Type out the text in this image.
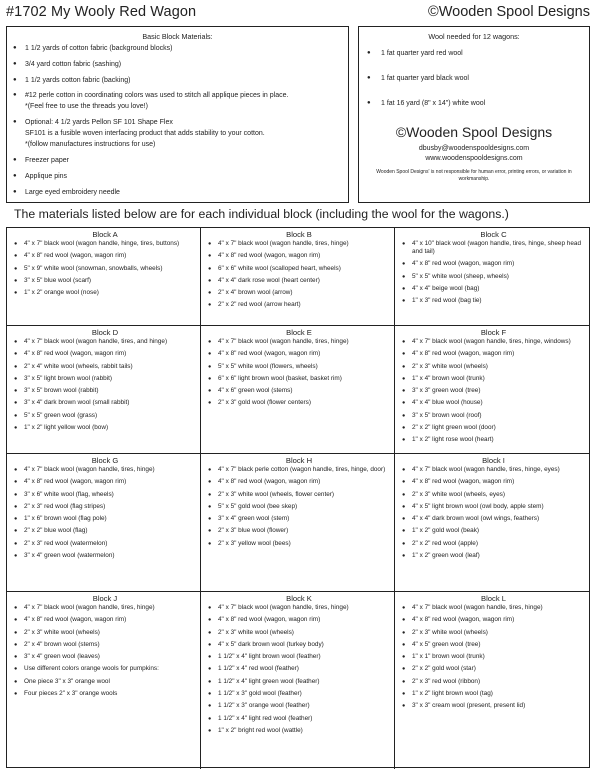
#1702 My Wooly Red Wagon	©Wooden Spool Designs
Basic Block Materials:
● 1 1/2 yards of cotton fabric (background blocks)
● 3/4 yard cotton fabric (sashing)
● 1 1/2 yards cotton fabric (backing)
● #12 perle cotton in coordinating colors was used to stitch all applique pieces in place.
*(Feel free to use the threads you love!)
● Optional: 4 1/2 yards Pellon SF 101 Shape Flex
SF101 is a fusible woven interfacing product that adds stability to your cotton.
*(follow manufactures instructions for use)
● Freezer paper
● Applique pins
● Large eyed embroidery needle
Wool needed for 12 wagons:
● 1 fat quarter yard red wool
● 1 fat quarter yard black wool
● 1 fat 16 yard (8" x 14") white wool
©Wooden Spool Designs
dbusby@woodenspooldesigns.com
www.woodenspooldesigns.com
Wooden Spool Designs' is not responsible for human error, printing errors, or variation in workmanship.
The materials listed below are for each individual block (including the wool for the wagons.)
Block A
● 4" x 7" black wool (wagon handle, hinge, tires, buttons)
● 4" x 8" red wool (wagon, wagon rim)
● 5" x 9" white wool (snowman, snowballs, wheels)
● 3" x 5" blue wool (scarf)
● 1" x 2" orange wool (nose)
Block B
● 4" x 7" black wool (wagon handle, tires, hinge)
● 4" x 8" red wool (wagon, wagon rim)
● 6" x 6" white wool (scalloped heart, wheels)
● 4" x 4" dark rose wool (heart center)
● 2" x 4" brown wool (arrow)
● 2" x 2" red wool (arrow heart)
Block C
● 4" x 10" black wool (wagon handle, tires, hinge, sheep head and tail)
● 4" x 8" red wool (wagon, wagon rim)
● 5" x 5" white wool (sheep, wheels)
● 4" x 4" beige wool (bag)
● 1" x 3" red wool (bag tie)
Block D
● 4" x 7" black wool (wagon handle, tires, and hinge)
● 4" x 8" red wool (wagon, wagon rim)
● 2" x 4" white wool (wheels, rabbit tails)
● 3" x 5" light brown wool (rabbit)
● 3" x 5" brown wool (rabbit)
● 3" x 4" dark brown wool (small rabbit)
● 5" x 5" green wool (grass)
● 1" x 2" light yellow wool (bow)
Block E
● 4" x 7" black wool (wagon handle, tires, hinge)
● 4" x 8" red wool (wagon, wagon rim)
● 5" x 5" white wool (flowers, wheels)
● 6" x 6" light brown wool (basket, basket rim)
● 4" x 6" green wool (stems)
● 2" x 3" gold wool (flower centers)
Block F
● 4" x 7" black wool (wagon handle, tires, hinge, windows)
● 4" x 8" red wool (wagon, wagon rim)
● 2" x 3" white wool (wheels)
● 1" x 4" brown wool (trunk)
● 3" x 3" green wool (tree)
● 4" x 4" blue wool (house)
● 3" x 5" brown wool (roof)
● 2" x 2" light green wool (door)
● 1" x 2" light rose wool (heart)
Block G
● 4" x 7" black wool (wagon handle, tires, hinge)
● 4" x 8" red wool (wagon, wagon rim)
● 3" x 6" white wool (flag, wheels)
● 2" x 3" red wool (flag stripes)
● 1" x 6" brown wool (flag pole)
● 2" x 2" blue wool (flag)
● 2" x 3" red wool (watermelon)
● 3" x 4" green wool (watermelon)
Block H
● 4" x 7" black perle cotton (wagon handle, tires, hinge, door)
● 4" x 8" red wool (wagon, wagon rim)
● 2" x 3" white wool (wheels, flower center)
● 5" x 5" gold wool (bee skep)
● 3" x 4" green wool (stem)
● 2" x 3" blue wool (flower)
● 2" x 3" yellow wool (bees)
Block I
● 4" x 7" black wool (wagon handle, tires, hinge, eyes)
● 4" x 8" red wool (wagon, wagon rim)
● 2" x 3" white wool (wheels, eyes)
● 4" x 5" light brown wool (owl body, apple stem)
● 4" x 4" dark brown wool (owl wings, feathers)
● 1" x 2" gold wool (beak)
● 2" x 2" red wool (apple)
● 1" x 2" green wool (leaf)
Block J
● 4" x 7" black wool (wagon handle, tires, hinge)
● 4" x 8" red wool (wagon, wagon rim)
● 2" x 3" white wool (wheels)
● 2" x 4" brown wool (stems)
● 3" x 4" green wool (leaves)
● Use different colors orange wools for pumpkins:
● One piece 3" x 3" orange wool
● Four pieces 2" x 3" orange wools
Block K
● 4" x 7" black wool (wagon handle, tires, hinge)
● 4" x 8" red wool (wagon, wagon rim)
● 2" x 3" white wool (wheels)
● 4" x 5" dark brown wool (turkey body)
● 1 1/2" x 4" light brown wool (feather)
● 1 1/2" x 4" red wool (feather)
● 1 1/2" x 4" light green wool (feather)
● 1 1/2" x 3" gold wool (feather)
● 1 1/2" x 3" orange wool (feather)
● 1 1/2" x 4" light red wool (feather)
● 1" x 2" bright red wool (wattle)
Block L
● 4" x 7" black wool (wagon handle, tires, hinge)
● 4" x 8" red wool (wagon, wagon rim)
● 2" x 3" white wool (wheels)
● 4" x 5" green wool (tree)
● 1" x 1" brown wool (trunk)
● 2" x 2" gold wool (star)
● 2" x 3" red wool (ribbon)
● 1" x 2" light brown wool (tag)
● 3" x 3" cream wool (present, present lid)
